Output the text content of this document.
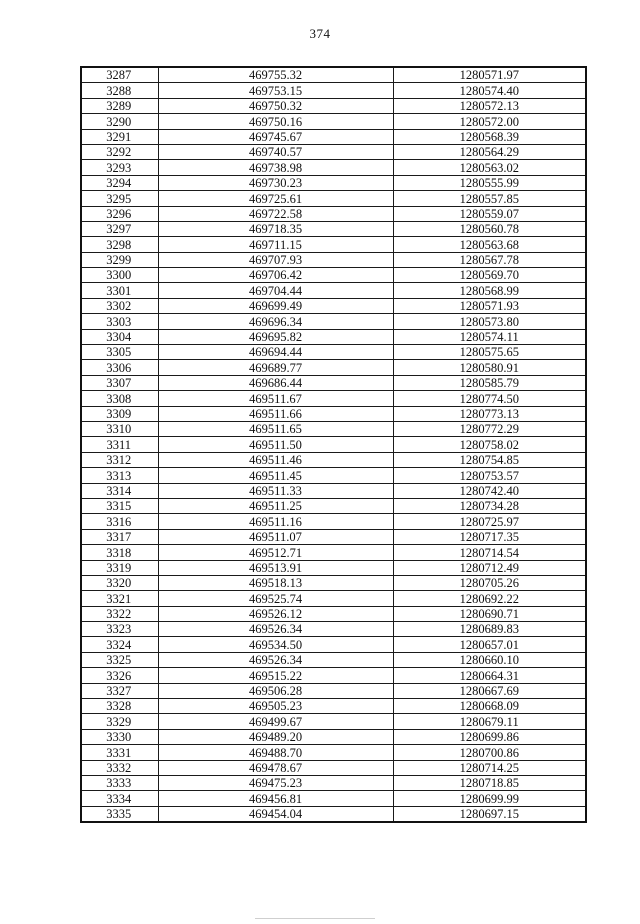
374
3287	469755.32	1280571.97
3288	469753.15	1280574.40
3289	469750.32	1280572.13
3290	469750.16	1280572.00
3291	469745.67	1280568.39
3292	469740.57	1280564.29
3293	469738.98	1280563.02
3294	469730.23	1280555.99
3295	469725.61	1280557.85
3296	469722.58	1280559.07
3297	469718.35	1280560.78
3298	469711.15	1280563.68
3299	469707.93	1280567.78
3300	469706.42	1280569.70
3301	469704.44	1280568.99
3302	469699.49	1280571.93
3303	469696.34	1280573.80
3304	469695.82	1280574.11
3305	469694.44	1280575.65
3306	469689.77	1280580.91
3307	469686.44	1280585.79
3308	469511.67	1280774.50
3309	469511.66	1280773.13
3310	469511.65	1280772.29
3311	469511.50	1280758.02
3312	469511.46	1280754.85
3313	469511.45	1280753.57
3314	469511.33	1280742.40
3315	469511.25	1280734.28
3316	469511.16	1280725.97
3317	469511.07	1280717.35
3318	469512.71	1280714.54
3319	469513.91	1280712.49
3320	469518.13	1280705.26
3321	469525.74	1280692.22
3322	469526.12	1280690.71
3323	469526.34	1280689.83
3324	469534.50	1280657.01
3325	469526.34	1280660.10
3326	469515.22	1280664.31
3327	469506.28	1280667.69
3328	469505.23	1280668.09
3329	469499.67	1280679.11
3330	469489.20	1280699.86
3331	469488.70	1280700.86
3332	469478.67	1280714.25
3333	469475.23	1280718.85
3334	469456.81	1280699.99
3335	469454.04	1280697.15
